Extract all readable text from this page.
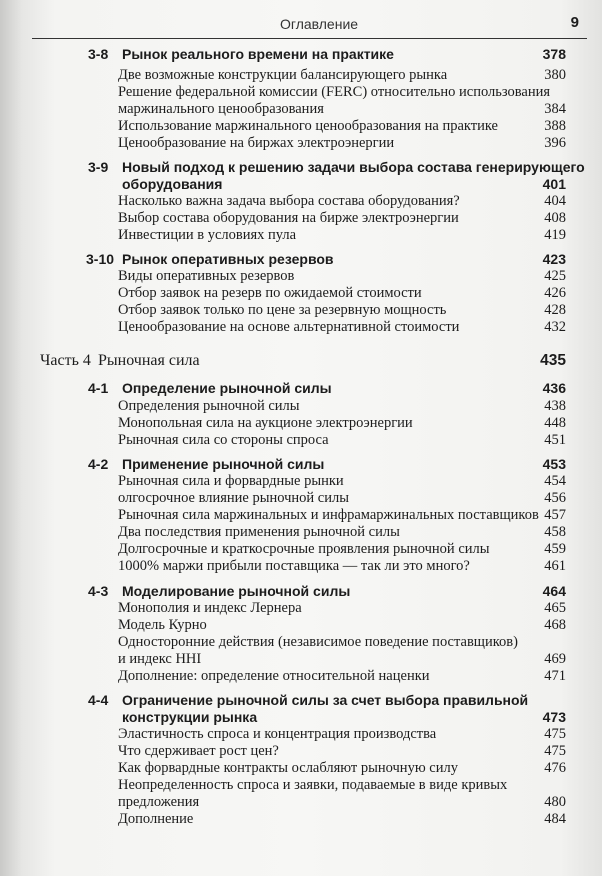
Оглавление	9
3-8 Рынок реального времени на практике	378
Две возможные конструкции балансирующего рынка	380
Решение федеральной комиссии (FERC) относительно использования
маржинального ценообразования	384
Использование маржинального ценообразования на практике	388
Ценообразование на биржах электроэнергии	396
3-9 Новый подход к решению задачи выбора состава генерирующего
оборудования	401
Насколько важна задача выбора состава оборудования?	404
Выбор состава оборудования на бирже электроэнергии	408
Инвестиции в условиях пула	419
3-10 Рынок оперативных резервов	423
Виды оперативных резервов	425
Отбор заявок на резерв по ожидаемой стоимости	426
Отбор заявок только по цене за резервную мощность	428
Ценообразование на основе альтернативной стоимости	432
Часть 4 Рыночная сила	435
4-1 Определение рыночной силы	436
Определения рыночной силы	438
Монопольная сила на аукционе электроэнергии	448
Рыночная сила со стороны спроса	451
4-2 Применение рыночной силы	453
Рыночная сила и форвардные рынки	454
олгосрочное влияние рыночной силы	456
Рыночная сила маржинальных и инфрамаржинальных поставщиков 457
Два последствия применения рыночной силы	458
Долгосрочные и краткосрочные проявления рыночной силы	459
1000% маржи прибыли поставщика — так ли это много?	461
4-3 Моделирование рыночной силы	464
Монополия и индекс Лернера	465
Модель Курно	468
Односторонние действия (независимое поведение поставщиков)
и индекс HHI	469
Дополнение: определение относительной наценки	471
4-4 Ограничение рыночной силы за счет выбора правильной
конструкции рынка	473
Эластичность спроса и концентрация производства	475
Что сдерживает рост цен?	475
Как форвардные контракты ослабляют рыночную силу	476
Неопределенность спроса и заявки, подаваемые в виде кривых
предложения	480
Дополнение	484
